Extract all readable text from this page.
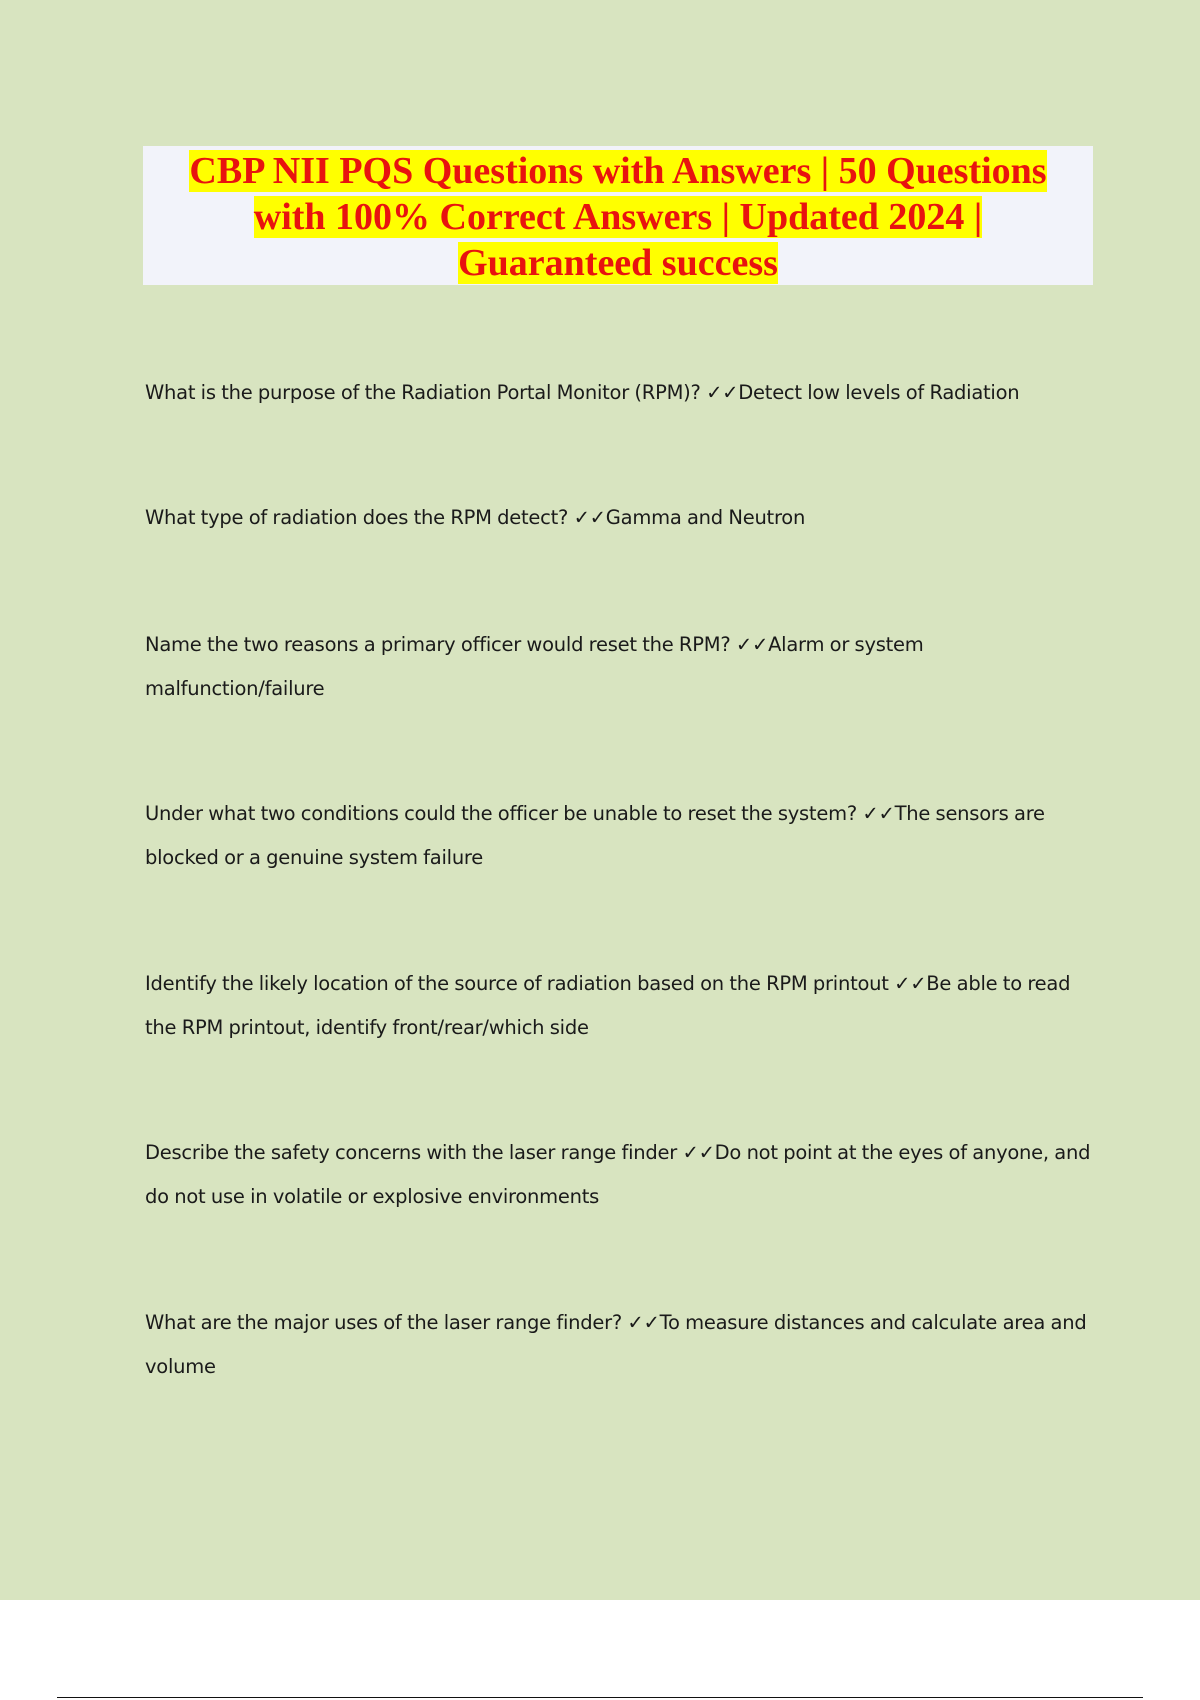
CBP NII PQS Questions with Answers | 50 Questions
with 100% Correct Answers | Updated 2024 |
Guaranteed success
What is the purpose of the Radiation Portal Monitor (RPM)? ✓✓Detect low levels of Radiation
What type of radiation does the RPM detect? ✓✓Gamma and Neutron
Name the two reasons a primary officer would reset the RPM? ✓✓Alarm or system malfunction/failure
Under what two conditions could the officer be unable to reset the system? ✓✓The sensors are blocked or a genuine system failure
Identify the likely location of the source of radiation based on the RPM printout ✓✓Be able to read the RPM printout, identify front/rear/which side
Describe the safety concerns with the laser range finder ✓✓Do not point at the eyes of anyone, and do not use in volatile or explosive environments
What are the major uses of the laser range finder? ✓✓To measure distances and calculate area and volume
